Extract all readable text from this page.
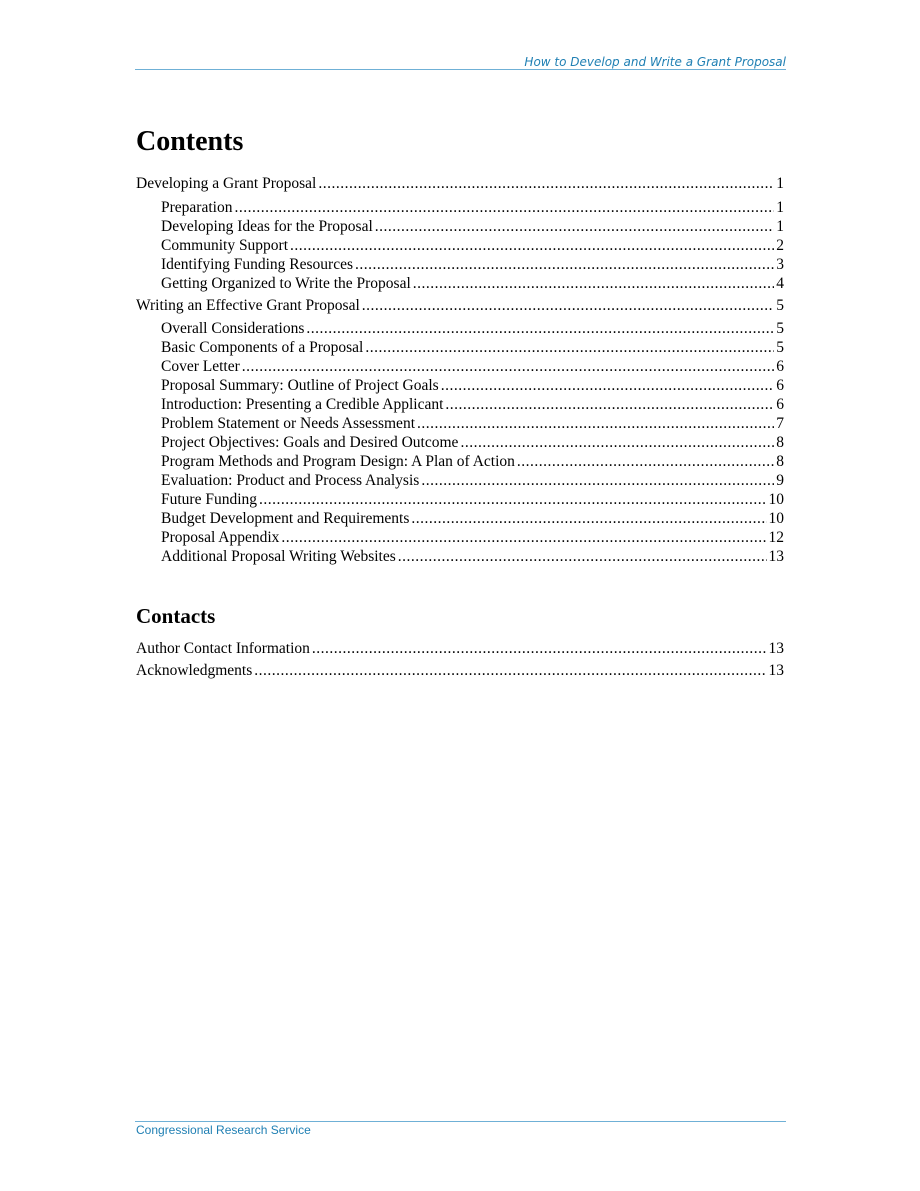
How to Develop and Write a Grant Proposal
Contents
Developing a Grant Proposal .....	1
Preparation .....	1
Developing Ideas for the Proposal .....	1
Community Support .....	2
Identifying Funding Resources .....	3
Getting Organized to Write the Proposal .....	4
Writing an Effective Grant Proposal .....	5
Overall Considerations .....	5
Basic Components of a Proposal .....	5
Cover Letter .....	6
Proposal Summary: Outline of Project Goals .....	6
Introduction: Presenting a Credible Applicant .....	6
Problem Statement or Needs Assessment .....	7
Project Objectives: Goals and Desired Outcome .....	8
Program Methods and Program Design: A Plan of Action .....	8
Evaluation: Product and Process Analysis .....	9
Future Funding .....	10
Budget Development and Requirements .....	10
Proposal Appendix .....	12
Additional Proposal Writing Websites .....	13
Contacts
Author Contact Information .....	13
Acknowledgments .....	13
Congressional Research Service
